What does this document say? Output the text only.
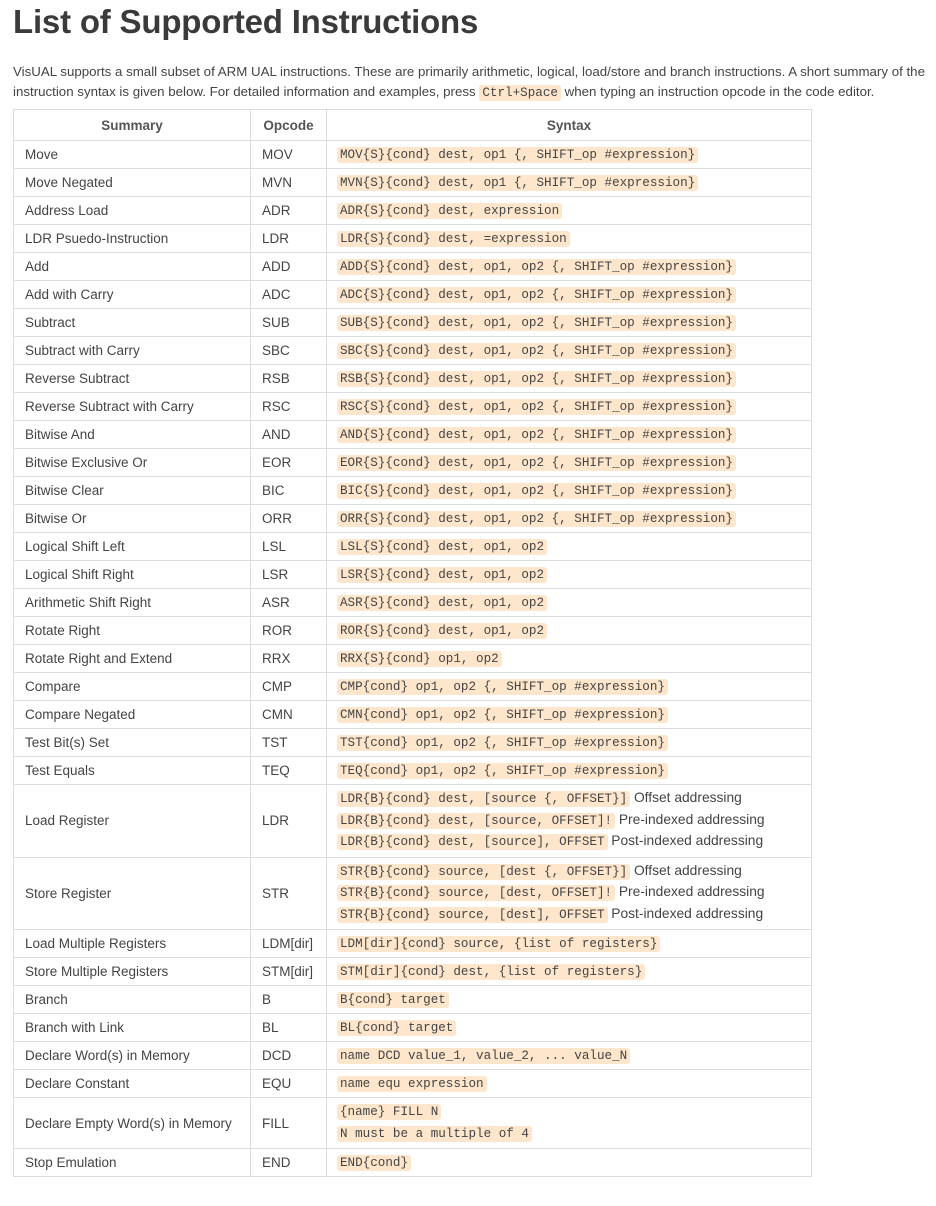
List of Supported Instructions

VisUAL supports a small subset of ARM UAL instructions. These are primarily arithmetic, logical, load/store and branch instructions. A short summary of the instruction syntax is given below. For detailed information and examples, press Ctrl+Space when typing an instruction opcode in the code editor.

Summary	Opcode	Syntax
Move	MOV	MOV{S}{cond} dest, op1 {, SHIFT_op #expression}

Move Negated	MVN	MVN{S}{cond} dest, op1 {, SHIFT_op #expression}

Address Load	ADR	ADR{S}{cond} dest, expression

LDR Psuedo-Instruction	LDR	LDR{S}{cond} dest, =expression

Add	ADD	ADD{S}{cond} dest, op1, op2 {, SHIFT_op #expression}

Add with Carry	ADC	ADC{S}{cond} dest, op1, op2 {, SHIFT_op #expression}

Subtract	SUB	SUB{S}{cond} dest, op1, op2 {, SHIFT_op #expression}

Subtract with Carry	SBC	SBC{S}{cond} dest, op1, op2 {, SHIFT_op #expression}

Reverse Subtract	RSB	RSB{S}{cond} dest, op1, op2 {, SHIFT_op #expression}

Reverse Subtract with Carry	RSC	RSC{S}{cond} dest, op1, op2 {, SHIFT_op #expression}

Bitwise And	AND	AND{S}{cond} dest, op1, op2 {, SHIFT_op #expression}

Bitwise Exclusive Or	EOR	EOR{S}{cond} dest, op1, op2 {, SHIFT_op #expression}

Bitwise Clear	BIC	BIC{S}{cond} dest, op1, op2 {, SHIFT_op #expression}

Bitwise Or	ORR	ORR{S}{cond} dest, op1, op2 {, SHIFT_op #expression}

Logical Shift Left	LSL	LSL{S}{cond} dest, op1, op2

Logical Shift Right	LSR	LSR{S}{cond} dest, op1, op2

Arithmetic Shift Right	ASR	ASR{S}{cond} dest, op1, op2

Rotate Right	ROR	ROR{S}{cond} dest, op1, op2

Rotate Right and Extend	RRX	RRX{S}{cond} op1, op2

Compare	CMP	CMP{cond} op1, op2 {, SHIFT_op #expression}

Compare Negated	CMN	CMN{cond} op1, op2 {, SHIFT_op #expression}

Test Bit(s) Set	TST	TST{cond} op1, op2 {, SHIFT_op #expression}

Test Equals	TEQ	TEQ{cond} op1, op2 {, SHIFT_op #expression}

Load Register	LDR	LDR{B}{cond} dest, [source {, OFFSET}] Offset addressing
LDR{B}{cond} dest, [source, OFFSET]! Pre-indexed addressing
LDR{B}{cond} dest, [source], OFFSET Post-indexed addressing

Store Register	STR	STR{B}{cond} source, [dest {, OFFSET}] Offset addressing
STR{B}{cond} source, [dest, OFFSET]! Pre-indexed addressing
STR{B}{cond} source, [dest], OFFSET Post-indexed addressing

Load Multiple Registers	LDM[dir]	LDM[dir]{cond} source, {list of registers}

Store Multiple Registers	STM[dir]	STM[dir]{cond} dest, {list of registers}

Branch	B	B{cond} target

Branch with Link	BL	BL{cond} target

Declare Word(s) in Memory	DCD	name DCD value_1, value_2, ... value_N

Declare Constant	EQU	name equ expression

Declare Empty Word(s) in Memory	FILL	{name} FILL N
N must be a multiple of 4

Stop Emulation	END	END{cond}
